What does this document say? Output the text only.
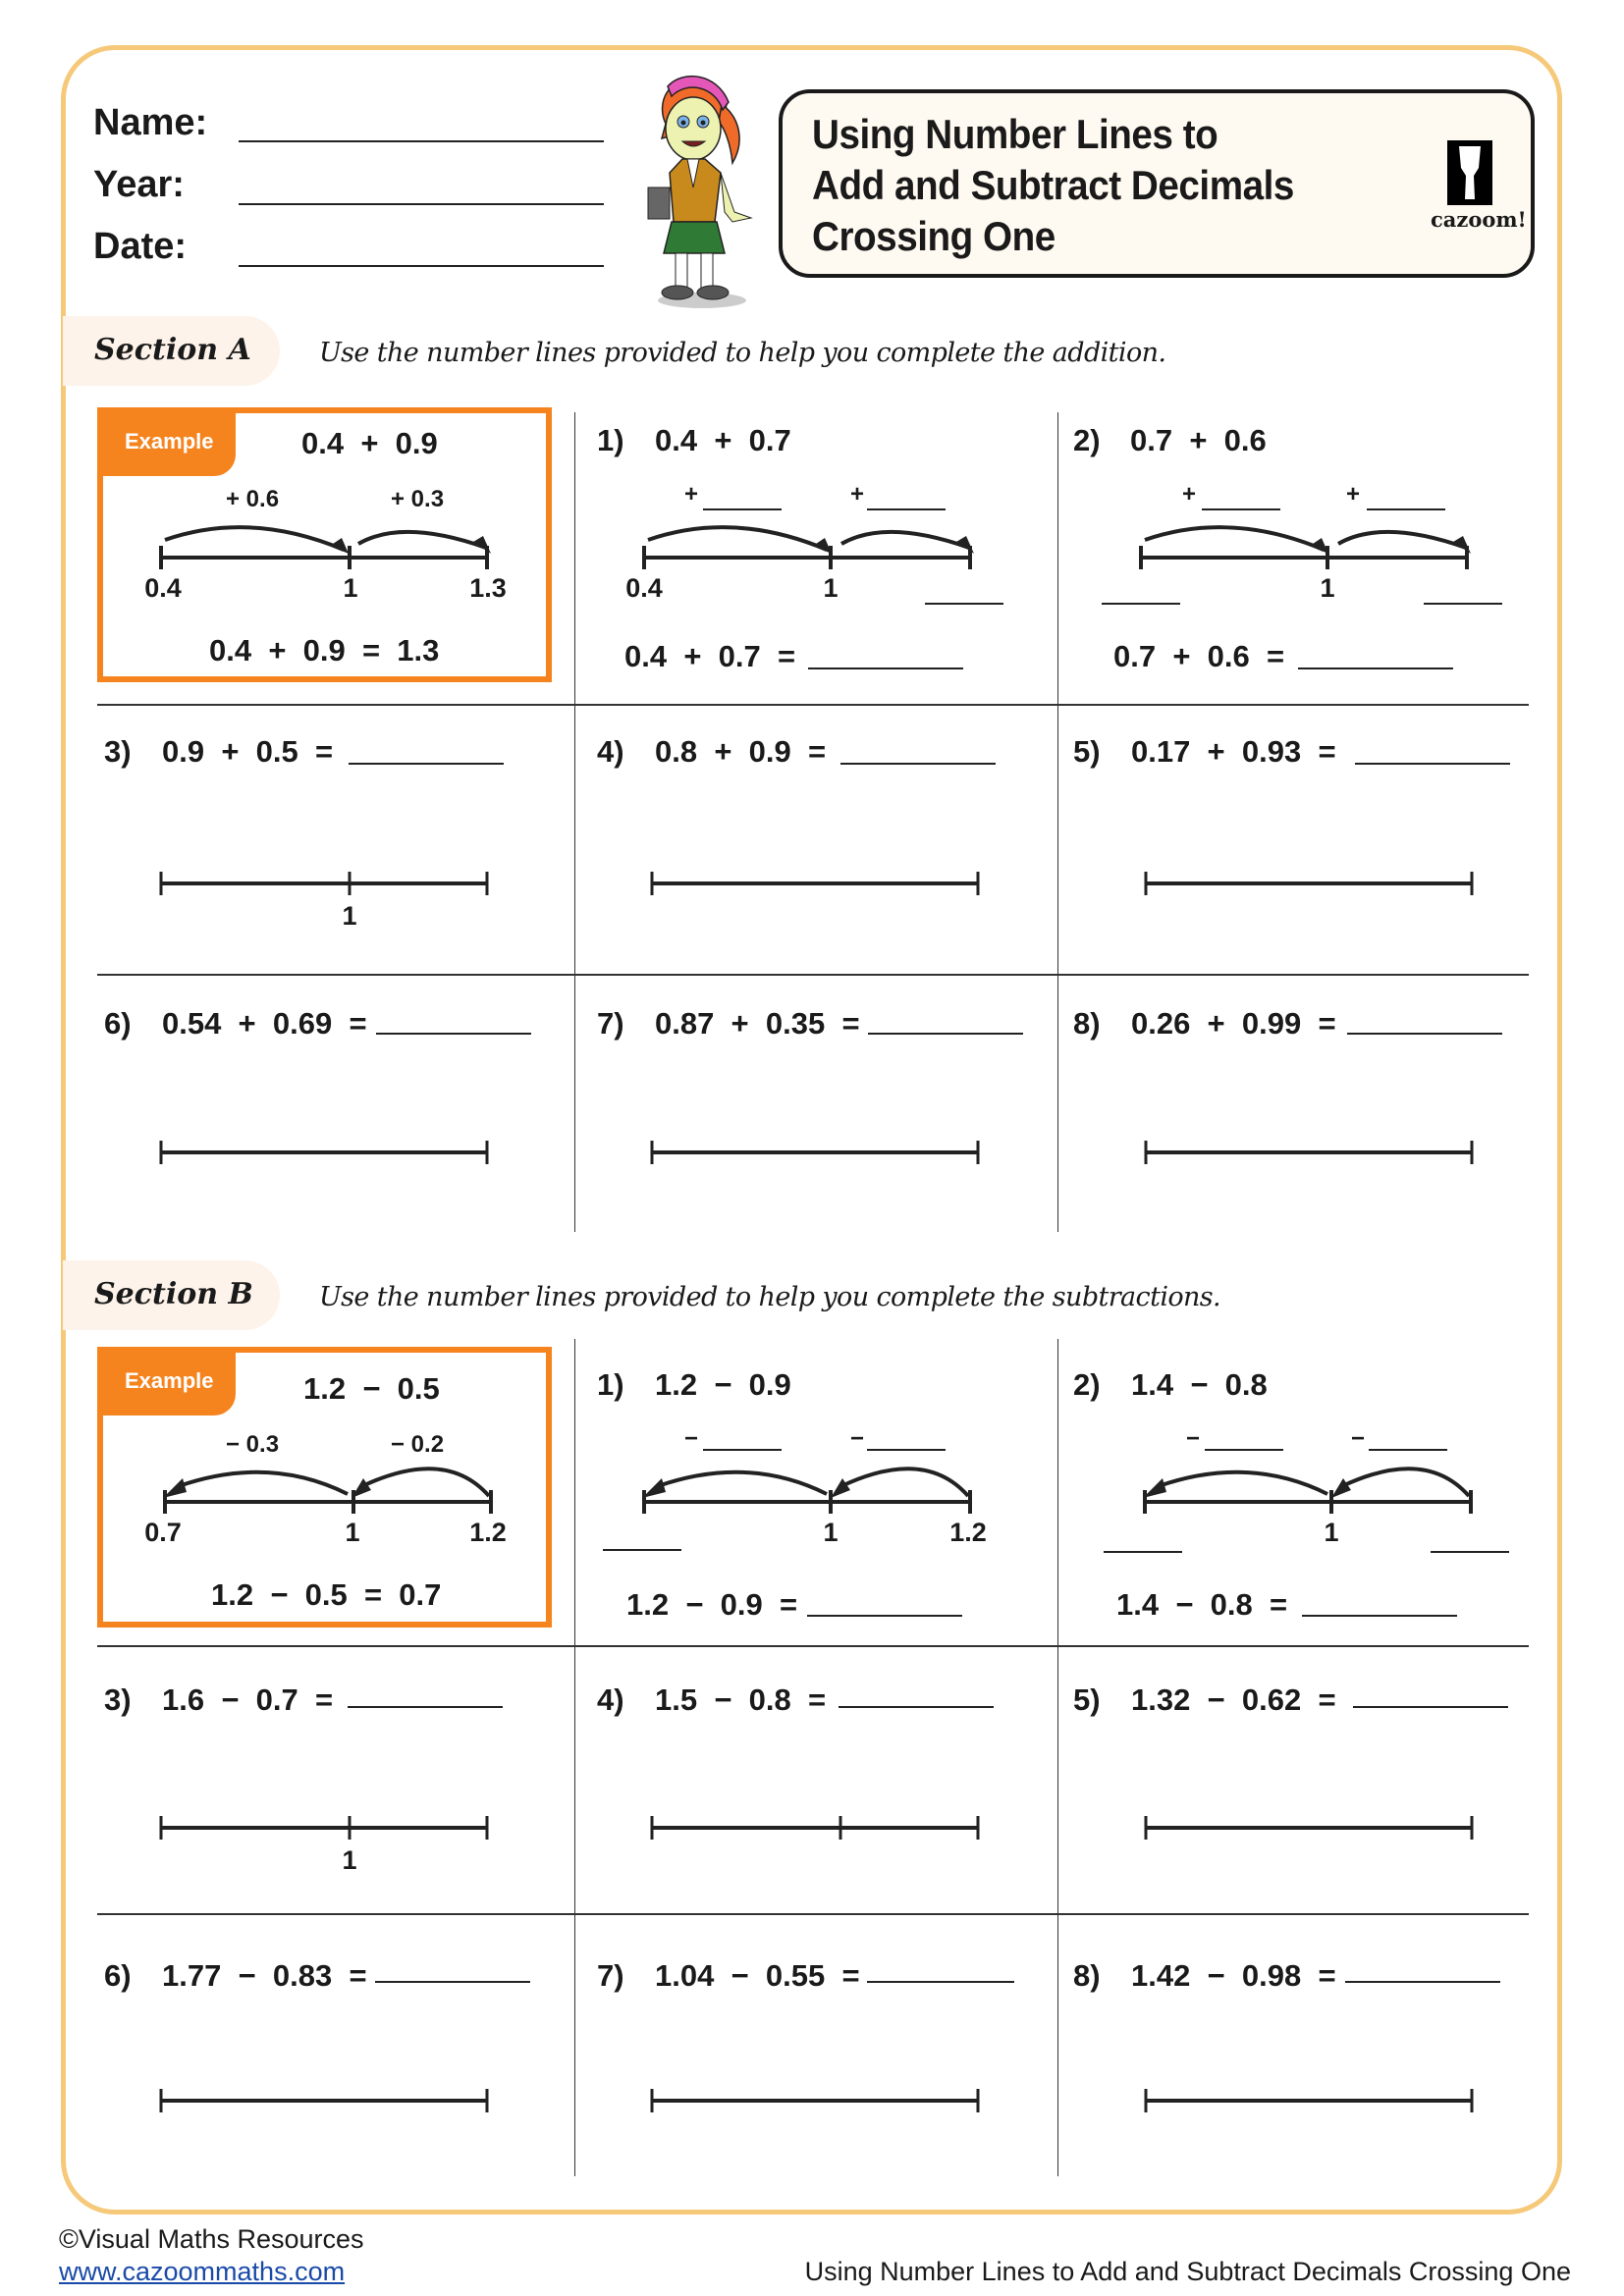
Name:
Year:
Date:
Using Number Lines to
Add and Subtract Decimals
Crossing One	cazoom!
Section A	Use the number lines provided to help you complete the addition.
Example	0.4  +  0.9
+ 0.6	+ 0.3
0.4	1	1.3
0.4  +  0.9  =  1.3
1) 0.4  +  0.7
+	+
0.4	1
0.4  +  0.7  =
2) 0.7  +  0.6
+	+
1
0.7  +  0.6  =
3) 0.9  +  0.5  =
1
4) 0.8  +  0.9  =	5) 0.17  +  0.93  =
6) 0.54  +  0.69  =	7) 0.87  +  0.35  =	8) 0.26  +  0.99  =
Section B Use the number lines provided to help you complete the subtractions.
Example	1.2  −  0.5
− 0.3	− 0.2
0.7	1	1.2
1.2  −  0.5  =  0.7
1) 1.2  −  0.9
−	−
1	1.2
1.2  −  0.9  =
2) 1.4  −  0.8
−	−
1
1.4  −  0.8  =
3) 1.6  −  0.7  =
1
4) 1.5  −  0.8  =	5) 1.32  −  0.62  =
6) 1.77  −  0.83  =	7) 1.04  −  0.55  =	8) 1.42  −  0.98  =
©Visual Maths Resources
www.cazoommaths.com	Using Number Lines to Add and Subtract Decimals Crossing One
